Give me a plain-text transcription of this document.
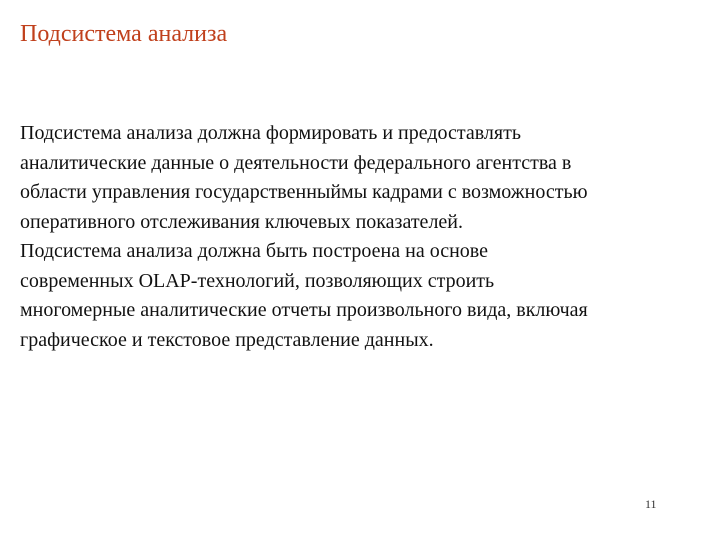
Подсистема анализа
Подсистема анализа должна формировать и предоставлять
аналитические данные о деятельности федерального агентства в
области управления государственныймы кадрами с возможностью
оперативного отслеживания ключевых показателей.
Подсистема анализа должна быть построена на основе
современных OLAP-технологий, позволяющих строить
многомерные аналитические отчеты произвольного вида, включая
графическое и текстовое представление данных.
11
